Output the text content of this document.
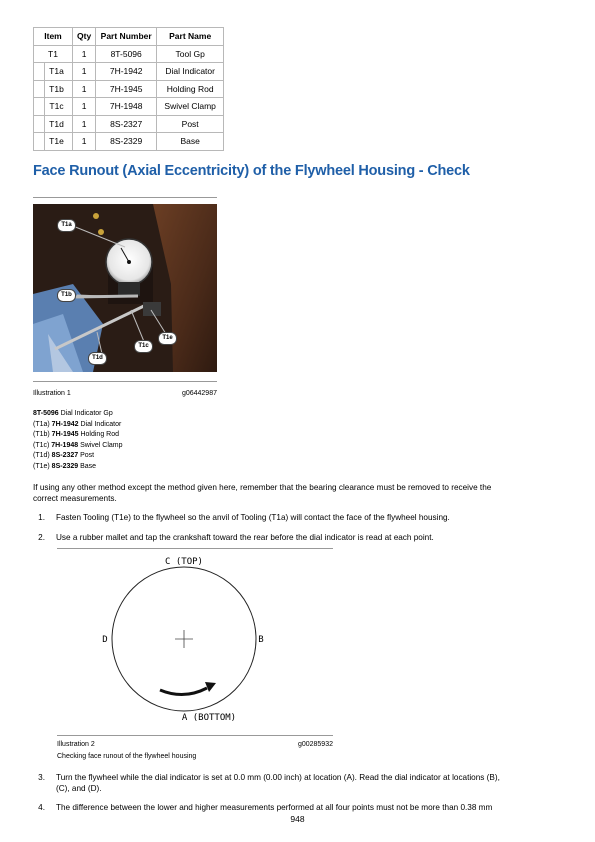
Item	Qty	Part Number	Part Name
T1	1	8T-5096	Tool Gp

T1a	1	7H-1942	Dial Indicator

T1b	1	7H-1945	Holding Rod

T1c	1	7H-1948	Swivel Clamp

T1d	1	8S-2327	Post

T1e	1	8S-2329	Base
Face Runout (Axial Eccentricity) of the Flywheel Housing - Check
T1a
T1b
T1c
T1e
T1d
Illustration 1	g06442987
8T-5096 Dial Indicator Gp
(T1a) 7H-1942 Dial Indicator
(T1b) 7H-1945 Holding Rod
(T1c) 7H-1948 Swivel Clamp
(T1d) 8S-2327 Post
(T1e) 8S-2329 Base
If using any other method except the method given here, remember that the bearing clearance must be removed to receive the
correct measurements.
1. Fasten Tooling (T1e) to the flywheel so the anvil of Tooling (T1a) will contact the face of the flywheel housing.
2. Use a rubber mallet and tap the crankshaft toward the rear before the dial indicator is read at each point.
C (TOP)
D	B
A (BOTTOM)
Illustration 2	g00285932
Checking face runout of the flywheel housing
3. Turn the flywheel while the dial indicator is set at 0.0 mm (0.00 inch) at location (A). Read the dial indicator at locations (B),
(C), and (D).
4. The difference between the lower and higher measurements performed at all four points must not be more than 0.38 mm
948
